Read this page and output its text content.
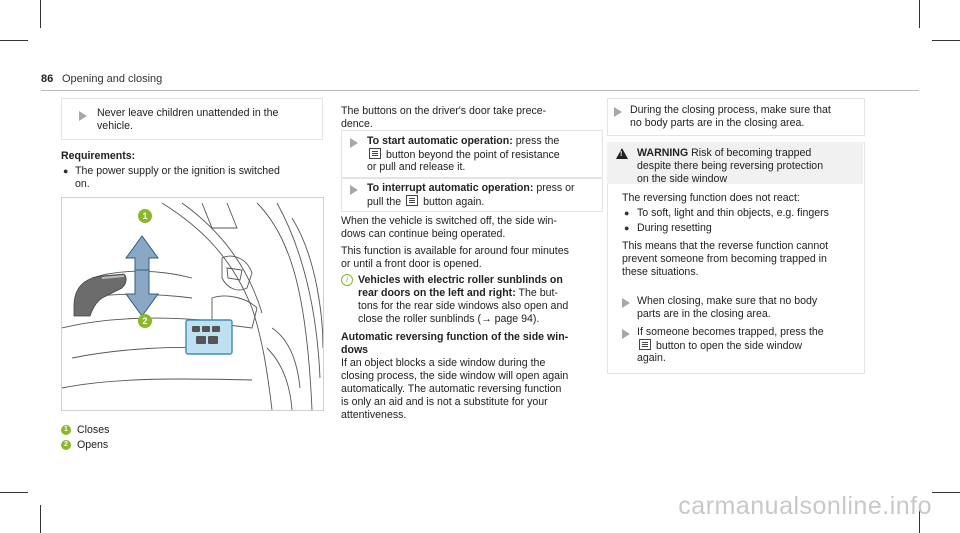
86 Opening and closing
Never leave children unattended in the
vehicle.
Requirements:
● The power supply or the ignition is switched
on.
1
2
1 Closes
2 Opens
The buttons on the driver's door take prece-
dence.
To start automatic operation: press the
button beyond the point of resistance
or pull and release it.
To interrupt automatic operation: press or
pull the button again.
When the vehicle is switched off, the side win-
dows can continue being operated.
This function is available for around four minutes
or until a front door is opened.
i Vehicles with electric roller sunblinds on
rear doors on the left and right: The but-
tons for the rear side windows also open and
close the roller sunblinds (→ page 94).
Automatic reversing function of the side win-
dows
If an object blocks a side window during the
closing process, the side window will open again
automatically. The automatic reversing function
is only an aid and is not a substitute for your
attentiveness.
During the closing process, make sure that
no body parts are in the closing area.
! WARNING Risk of becoming trapped
despite there being reversing protection
on the side window
The reversing function does not react:
● To soft, light and thin objects, e.g. fingers
● During resetting
This means that the reverse function cannot
prevent someone from becoming trapped in
these situations.
When closing, make sure that no body
parts are in the closing area.
If someone becomes trapped, press the
button to open the side window
again.
carmanualsonline.info
